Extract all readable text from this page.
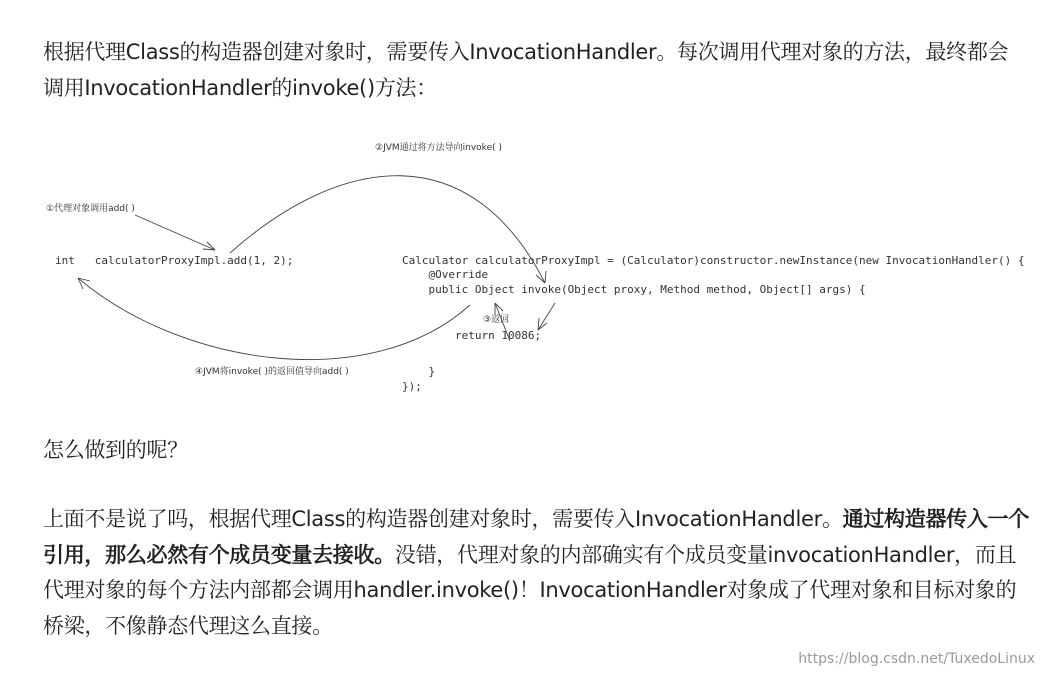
根据代理Class的构造器创建对象时，需要传入InvocationHandler。每次调用代理对象的方法，最终都会调用InvocationHandler的invoke()方法：

int   calculatorProxyImpl.add(1, 2);	Calculator calculatorProxyImpl = (Calculator)constructor.newInstance(new InvocationHandler() {
@Override
public Object invoke(Object proxy, Method method, Object[] args) {
return 10086;
}
});
①代理对象调用add( )
②JVM通过将方法导向invoke( )
③返回
④JVM将invoke( )的返回值导向add( )

怎么做到的呢？

上面不是说了吗，根据代理Class的构造器创建对象时，需要传入InvocationHandler。通过构造器传入一个引用，那么必然有个成员变量去接收。没错，代理对象的内部确实有个成员变量invocationHandler，而且代理对象的每个方法内部都会调用handler.invoke()！InvocationHandler对象成了代理对象和目标对象的桥梁，不像静态代理这么直接。

https://blog.csdn.net/TuxedoLinux
